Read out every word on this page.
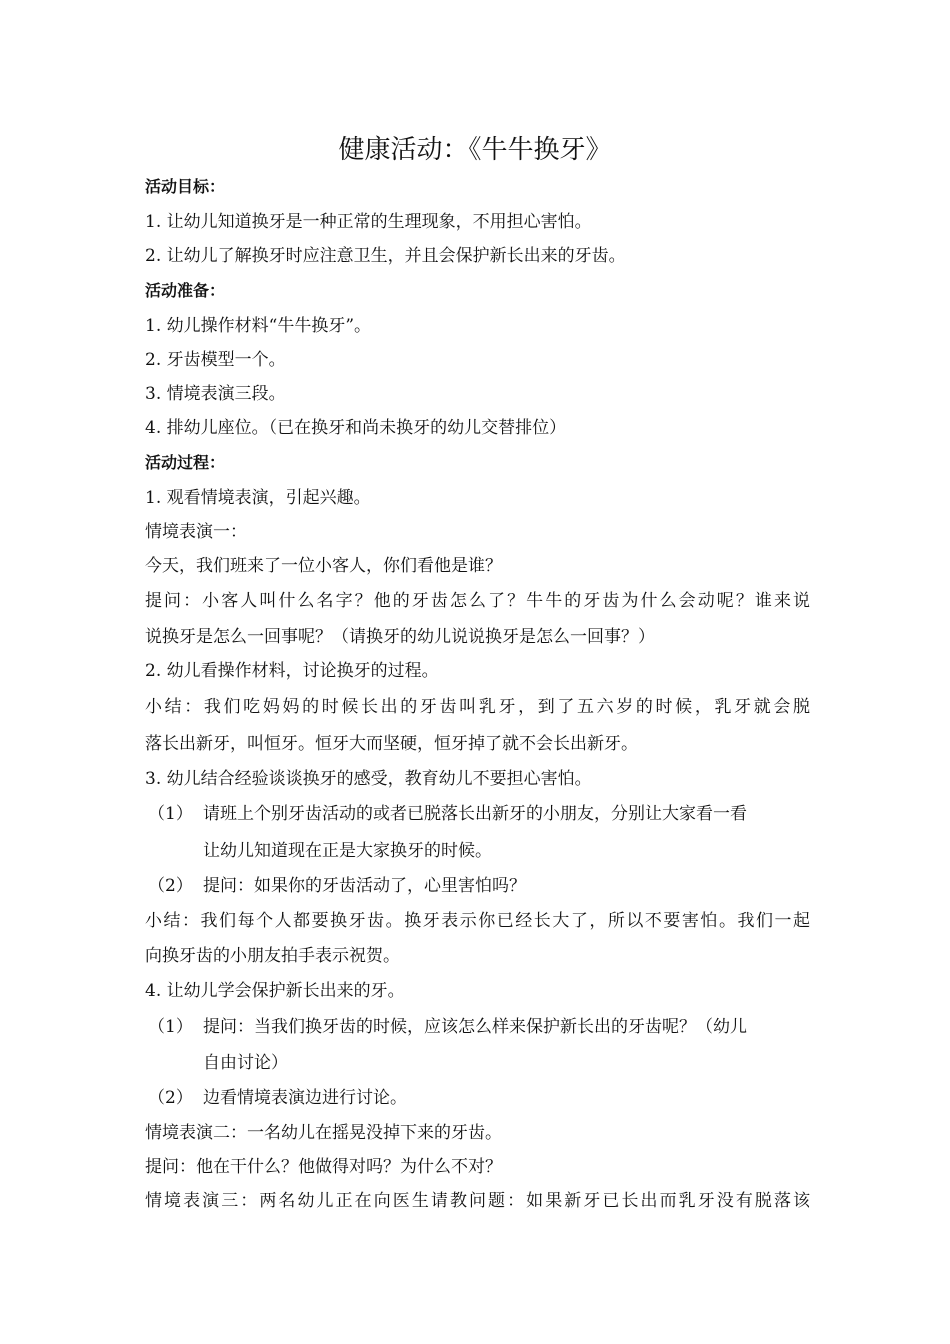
健康活动：《牛牛换牙》
活动目标：
1. 让幼儿知道换牙是一种正常的生理现象，不用担心害怕。
2. 让幼儿了解换牙时应注意卫生，并且会保护新长出来的牙齿。
活动准备：
1. 幼儿操作材料“牛牛换牙”。
2. 牙齿模型一个。
3. 情境表演三段。
4. 排幼儿座位。（已在换牙和尚未换牙的幼儿交替排位）
活动过程：
1. 观看情境表演，引起兴趣。
情境表演一：
今天，我们班来了一位小客人，你们看他是谁？
提问：小客人叫什么名字？他的牙齿怎么了？牛牛的牙齿为什么会动呢？谁来说
说换牙是怎么一回事呢？（请换牙的幼儿说说换牙是怎么一回事？）
2. 幼儿看操作材料，讨论换牙的过程。
小结：我们吃妈妈的时候长出的牙齿叫乳牙，到了五六岁的时候，乳牙就会脱
落长出新牙，叫恒牙。恒牙大而坚硬，恒牙掉了就不会长出新牙。
3. 幼儿结合经验谈谈换牙的感受，教育幼儿不要担心害怕。
（1） 请班上个别牙齿活动的或者已脱落长出新牙的小朋友，分别让大家看一看
让幼儿知道现在正是大家换牙的时候。
（2） 提问：如果你的牙齿活动了，心里害怕吗？
小结：我们每个人都要换牙齿。换牙表示你已经长大了，所以不要害怕。我们一起
向换牙齿的小朋友拍手表示祝贺。
4. 让幼儿学会保护新长出来的牙。
（1） 提问：当我们换牙齿的时候，应该怎么样来保护新长出的牙齿呢？（幼儿
自由讨论）
（2） 边看情境表演边进行讨论。
情境表演二：一名幼儿在摇晃没掉下来的牙齿。
提问：他在干什么？他做得对吗？为什么不对？
情境表演三：两名幼儿正在向医生请教问题：如果新牙已长出而乳牙没有脱落该
